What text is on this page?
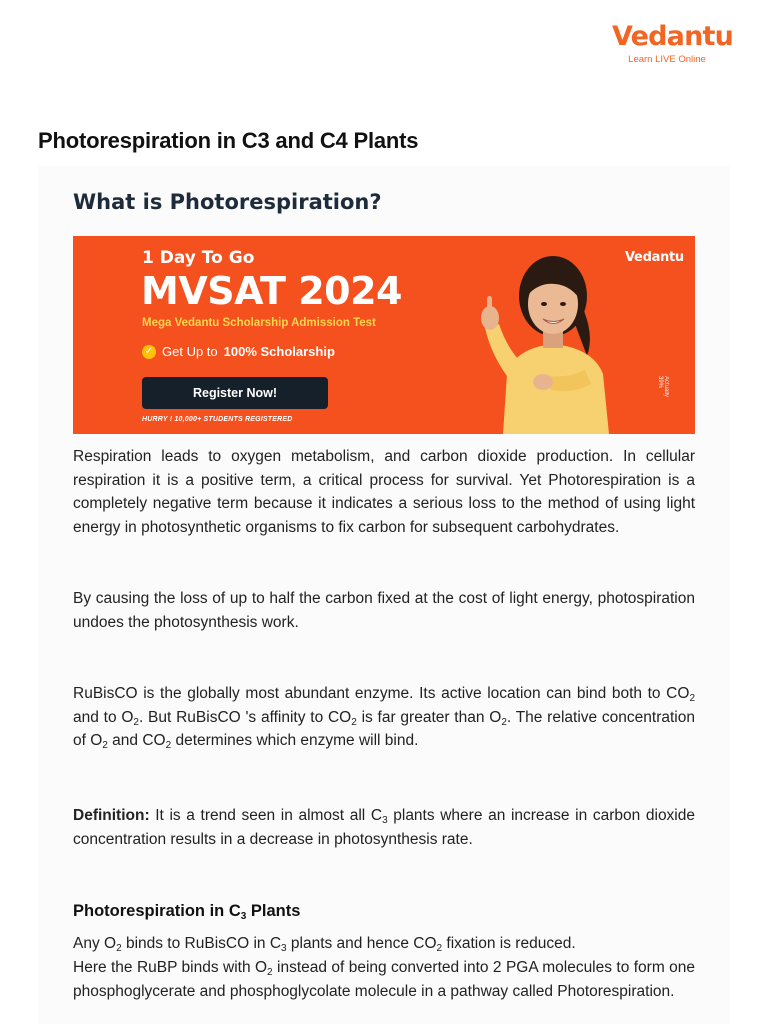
Vedantu
Learn LIVE Online
Photorespiration in C3 and C4 Plants
What is Photorespiration?
1 Day To Go
MVSAT 2024
Mega Vedantu Scholarship Admission Test
✓ Get Up to 100% Scholarship
Register Now!
HURRY ! 10,000+ STUDENTS REGISTERED
Vedantu
Actually 39%

Respiration leads to oxygen metabolism, and carbon dioxide production. In cellular respiration it is a positive term, a critical process for survival. Yet Photorespiration is a completely negative term because it indicates a serious loss to the method of using light energy in photosynthetic organisms to fix carbon for subsequent carbohydrates.

By causing the loss of up to half the carbon fixed at the cost of light energy, photospiration undoes the photosynthesis work.

RuBisCO is the globally most abundant enzyme. Its active location can bind both to $CO_2$ and to $O_2$. But RuBisCO 's affinity to $CO_2$ is far greater than $O_2$. The relative concentration of $O_2$ and $CO_2$ determines which enzyme will bind.

Definition: It is a trend seen in almost all $C_3$ plants where an increase in carbon dioxide concentration results in a decrease in photosynthesis rate.

Photorespiration in $C_3$ Plants

Any $O_2$ binds to RuBisCO in $C_3$ plants and hence $CO_2$ fixation is reduced.

Here the RuBP binds with $O_2$ instead of being converted into 2 PGA molecules to form one phosphoglycerate and phosphoglycolate molecule in a pathway called Photorespiration.
